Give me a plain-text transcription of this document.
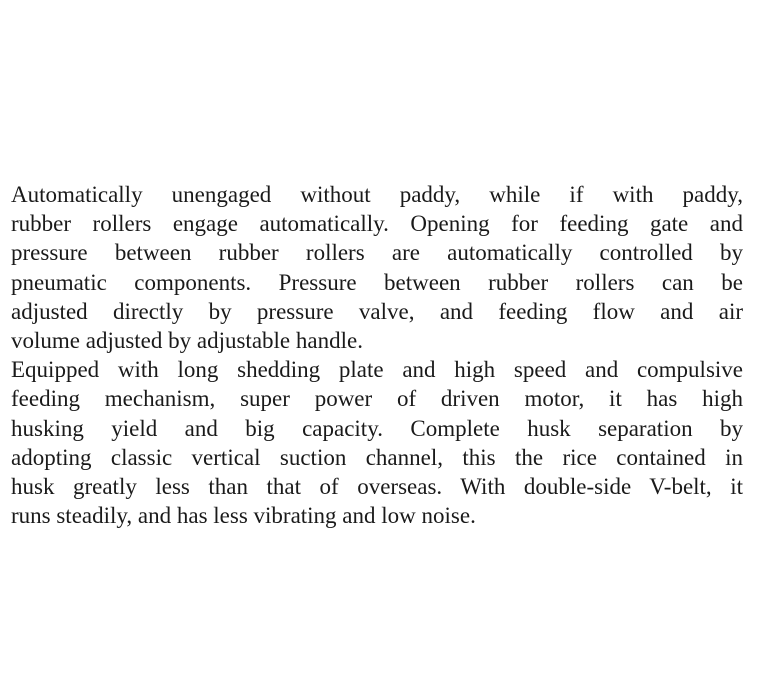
Automatically unengaged without paddy, while if with paddy,
rubber rollers engage automatically. Opening for feeding gate and
pressure between rubber rollers are automatically controlled by
pneumatic components. Pressure between rubber rollers can be
adjusted directly by pressure valve, and feeding flow and air
volume adjusted by adjustable handle.
Equipped with long shedding plate and high speed and compulsive
feeding mechanism, super power of driven motor, it has high
husking yield and big capacity. Complete husk separation by
adopting classic vertical suction channel, this the rice contained in
husk greatly less than that of overseas. With double-side V-belt, it
runs steadily, and has less vibrating and low noise.
